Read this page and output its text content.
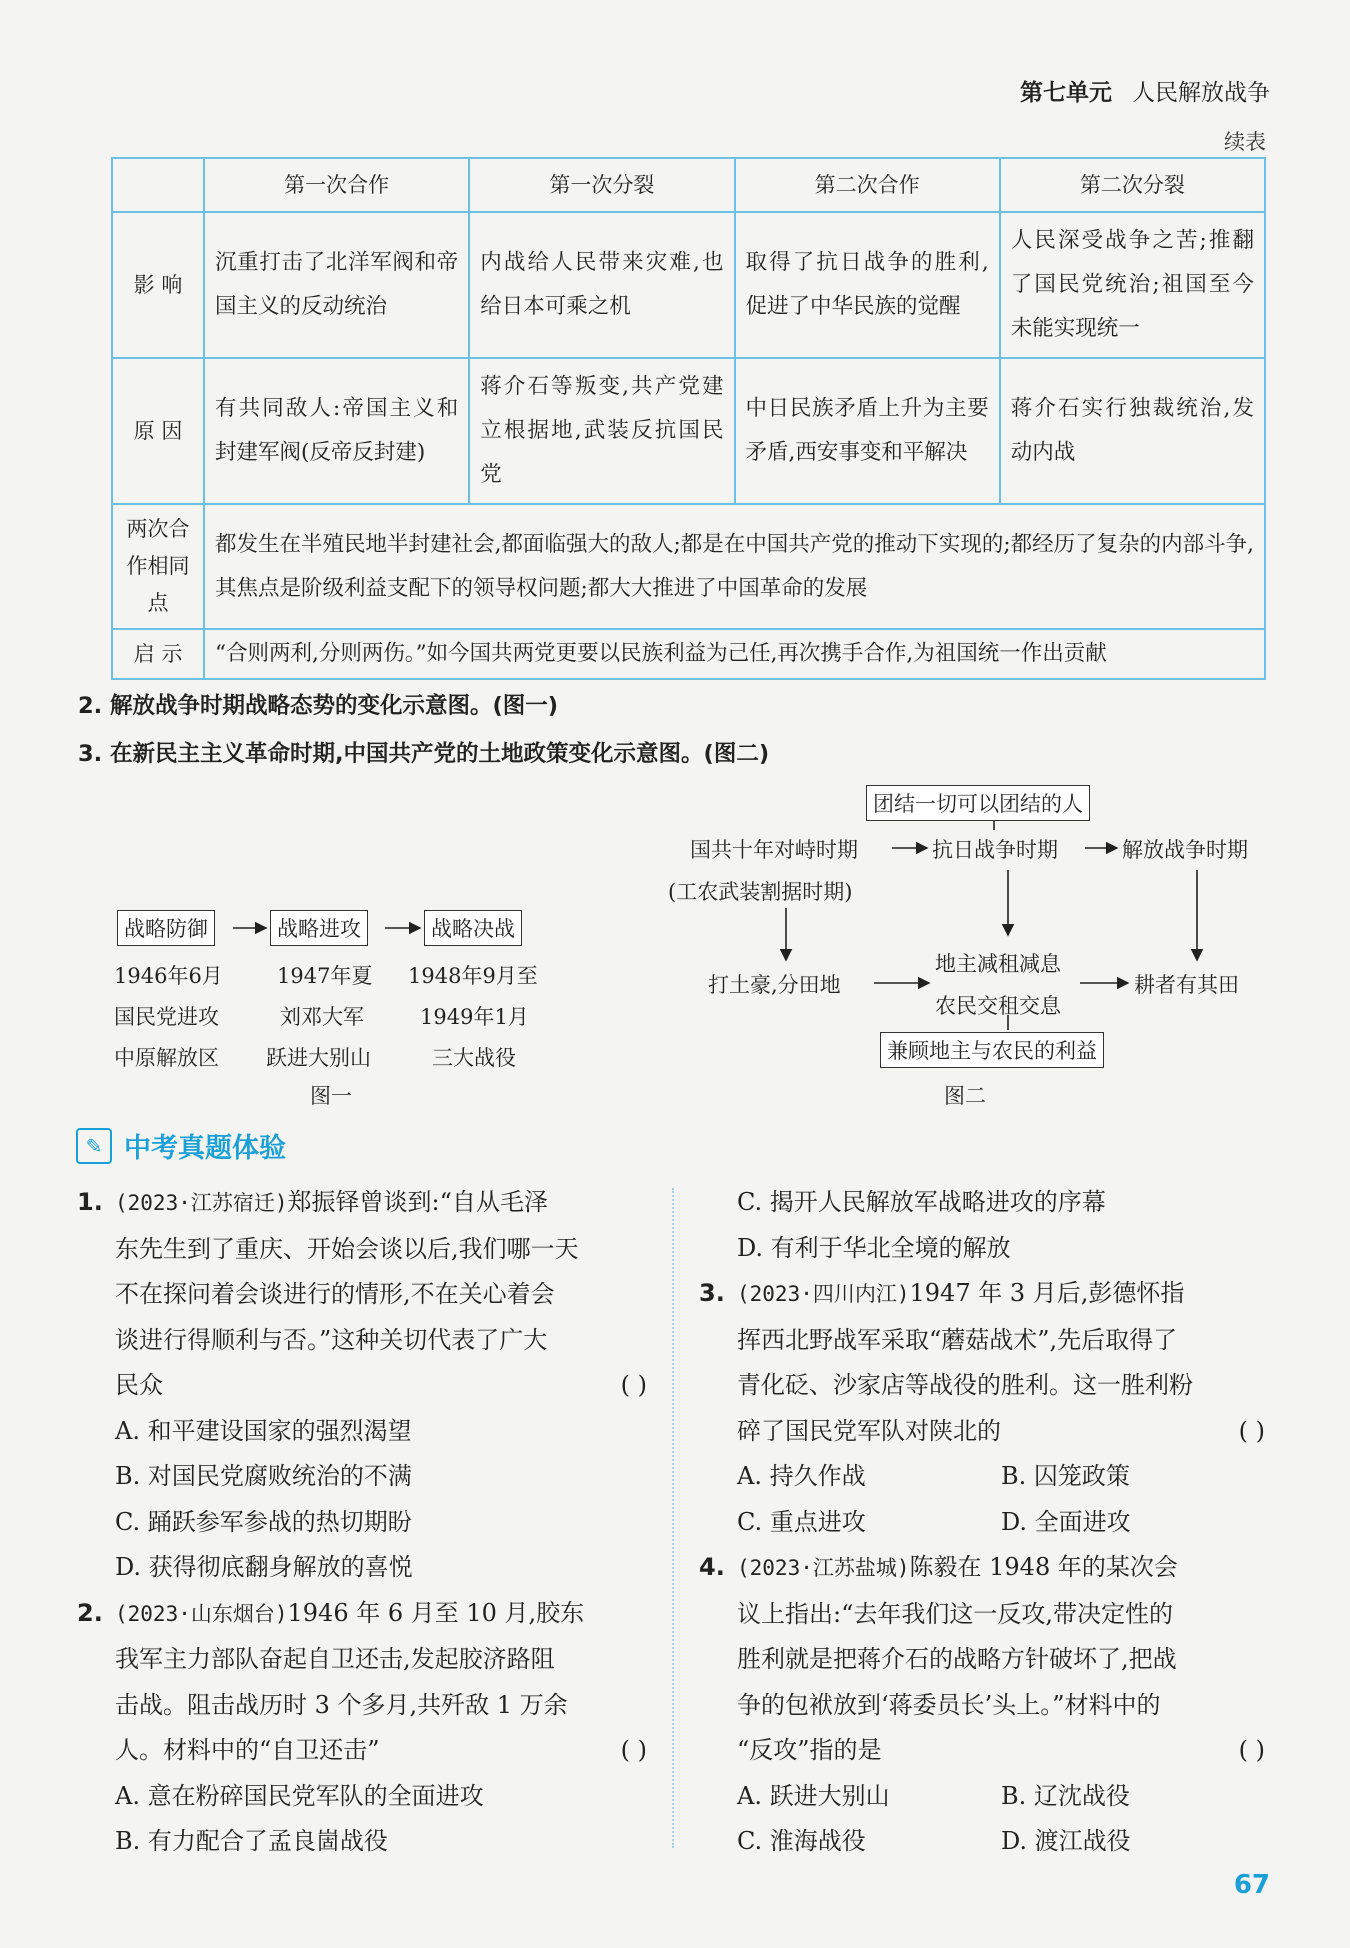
第七单元 人民解放战争
续表
	第一次合作	第一次分裂	第二次合作	第二次分裂
影 响	沉重打击了北洋军阀和帝国主义的反动统治	内战给人民带来灾难,也给日本可乘之机	取得了抗日战争的胜利,促进了中华民族的觉醒	人民深受战争之苦;推翻了国民党统治;祖国至今未能实现统一
原 因	有共同敌人:帝国主义和封建军阀(反帝反封建)	蒋介石等叛变,共产党建立根据地,武装反抗国民党	中日民族矛盾上升为主要矛盾,西安事变和平解决	蒋介石实行独裁统治,发动内战
两次合作相同点	都发生在半殖民地半封建社会,都面临强大的敌人;都是在中国共产党的推动下实现的;都经历了复杂的内部斗争,其焦点是阶级利益支配下的领导权问题;都大大推进了中国革命的发展			
启 示	“合则两利,分则两伤。”如今国共两党更要以民族利益为己任,再次携手合作,为祖国统一作出贡献			
2. 解放战争时期战略态势的变化示意图。(图一)
3. 在新民主主义革命时期,中国共产党的土地政策变化示意图。(图二)
战略防御	战略进攻	战略决战
1946年6月
国民党进攻
中原解放区
1947年夏
刘邓大军
跃进大别山
1948年9月至
1949年1月
三大战役
图一
团结一切可以团结的人
国共十年对峙时期	抗日战争时期	解放战争时期
(工农武装割据时期)
打土豪,分田地
地主减租减息
农民交租交息
耕者有其田
兼顾地主与农民的利益
图二
✎ 中考真题体验
1. (2023·江苏宿迁)郑振铎曾谈到:“自从毛泽
东先生到了重庆、开始会谈以后,我们哪一天
不在探问着会谈进行的情形,不在关心着会
谈进行得顺利与否。”这种关切代表了广大
民众	( )
A. 和平建设国家的强烈渴望
B. 对国民党腐败统治的不满
C. 踊跃参军参战的热切期盼
D. 获得彻底翻身解放的喜悦
2. (2023·山东烟台)1946 年 6 月至 10 月,胶东
我军主力部队奋起自卫还击,发起胶济路阻
击战。阻击战历时 3 个多月,共歼敌 1 万余
人。材料中的“自卫还击”	( )
A. 意在粉碎国民党军队的全面进攻
B. 有力配合了孟良崮战役
C. 揭开人民解放军战略进攻的序幕
D. 有利于华北全境的解放
3. (2023·四川内江)1947 年 3 月后,彭德怀指
挥西北野战军采取“蘑菇战术”,先后取得了
青化砭、沙家店等战役的胜利。这一胜利粉
碎了国民党军队对陕北的	( )
A. 持久作战	B. 囚笼政策
C. 重点进攻	D. 全面进攻
4. (2023·江苏盐城)陈毅在 1948 年的某次会
议上指出:“去年我们这一反攻,带决定性的
胜利就是把蒋介石的战略方针破坏了,把战
争的包袱放到‘蒋委员长’头上。”材料中的
“反攻”指的是	( )
A. 跃进大别山	B. 辽沈战役
C. 淮海战役	D. 渡江战役
67
